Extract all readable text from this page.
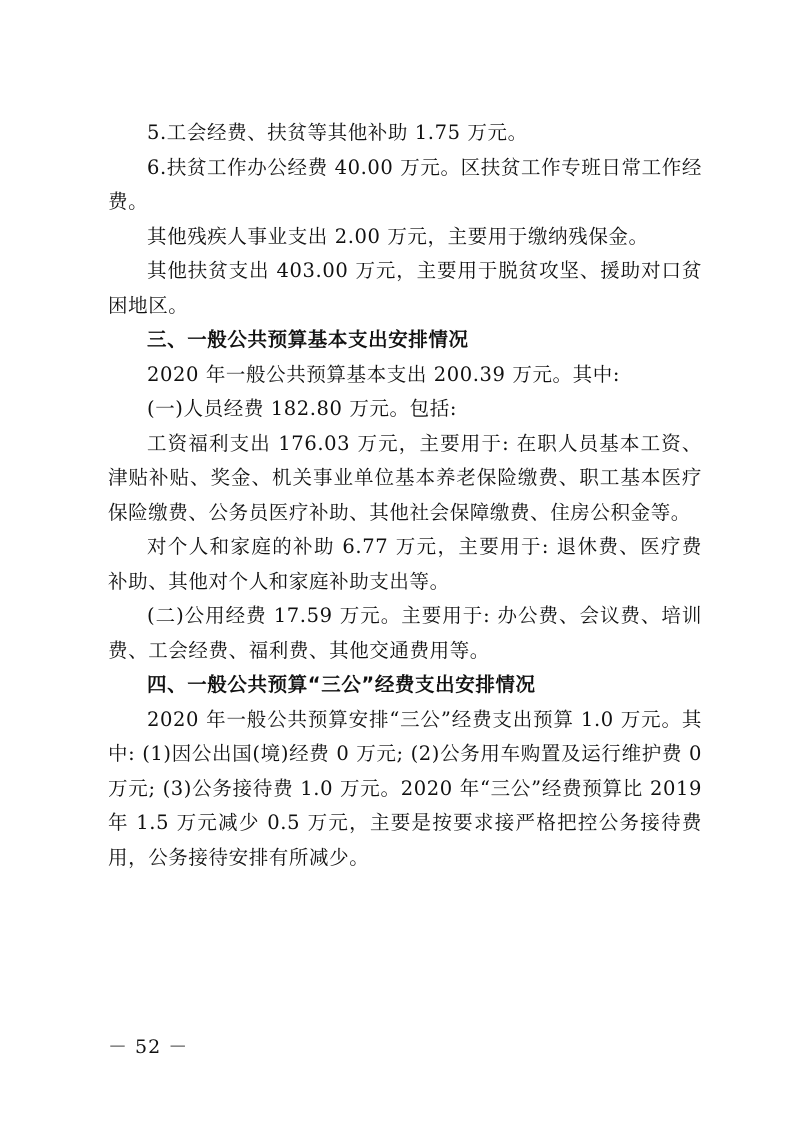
5.工会经费、扶贫等其他补助 1.75 万元。

6.扶贫工作办公经费 40.00 万元。区扶贫工作专班日常工作经费。

其他残疾人事业支出 2.00 万元，主要用于缴纳残保金。

其他扶贫支出 403.00 万元，主要用于脱贫攻坚、援助对口贫困地区。

三、一般公共预算基本支出安排情况

2020 年一般公共预算基本支出 200.39 万元。其中:

(一)人员经费 182.80 万元。包括:

工资福利支出 176.03 万元，主要用于: 在职人员基本工资、津贴补贴、奖金、机关事业单位基本养老保险缴费、职工基本医疗保险缴费、公务员医疗补助、其他社会保障缴费、住房公积金等。

对个人和家庭的补助 6.77 万元，主要用于: 退休费、医疗费补助、其他对个人和家庭补助支出等。

(二)公用经费 17.59 万元。主要用于: 办公费、会议费、培训费、工会经费、福利费、其他交通费用等。

四、一般公共预算“三公”经费支出安排情况

2020 年一般公共预算安排“三公”经费支出预算 1.0 万元。其中: (1)因公出国(境)经费 0 万元; (2)公务用车购置及运行维护费 0 万元; (3)公务接待费 1.0 万元。2020 年“三公”经费预算比 2019 年 1.5 万元减少 0.5 万元，主要是按要求接严格把控公务接待费用，公务接待安排有所减少。

－ 52 －
